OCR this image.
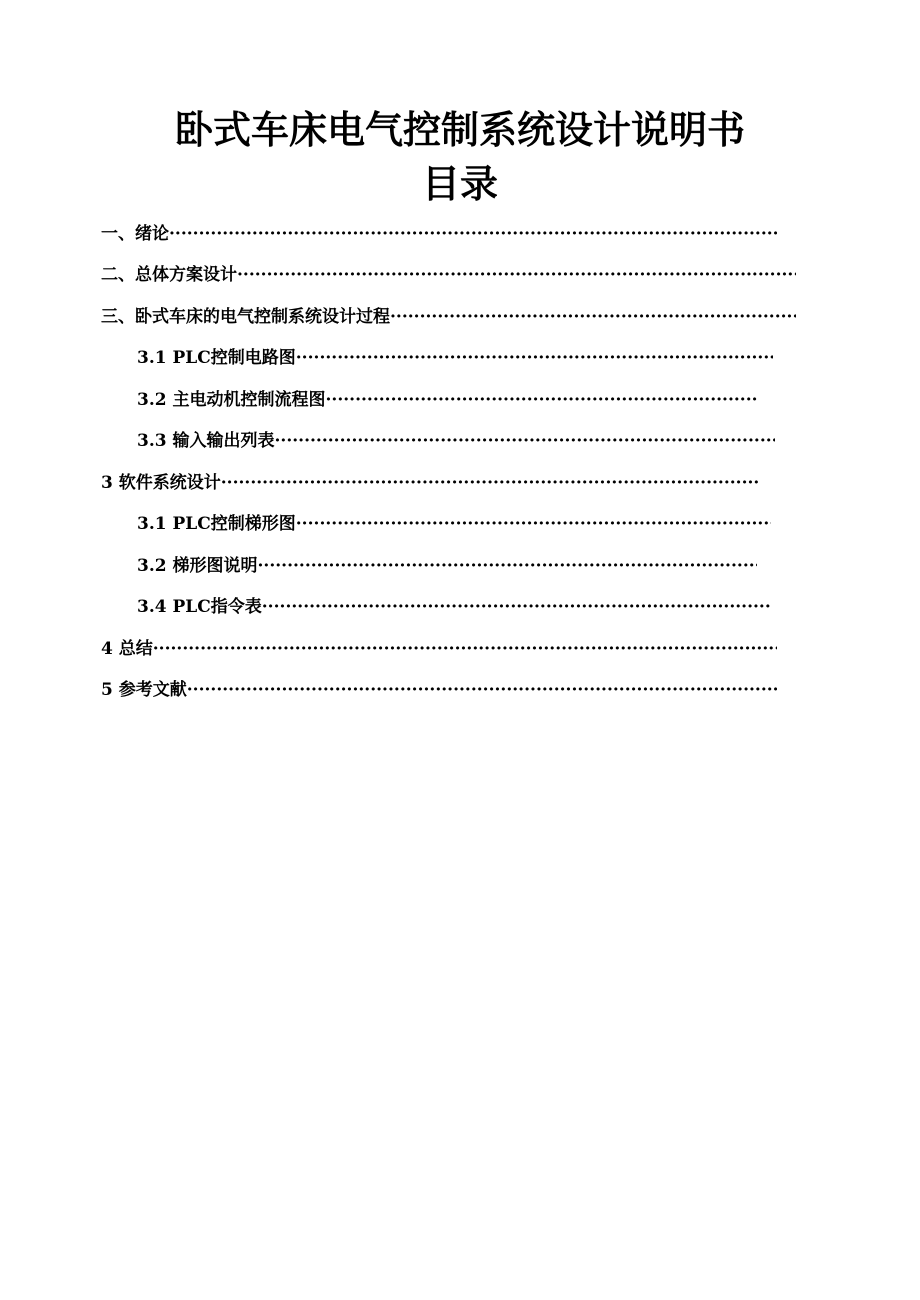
卧式车床电气控制系统设计说明书
目录
一、绪论
·····
二、总体方案设计
·····
三、卧式车床的电气控制系统设计过程
·····
3.1 PLC控制电路图
·····
3.2 主电动机控制流程图
·····
3.3 输入输出列表
·····
3 软件系统设计
·····
3.1 PLC控制梯形图
·····
3.2 梯形图说明
·····
3.4 PLC指令表
·····
4 总结
·····
5 参考文献
·····
